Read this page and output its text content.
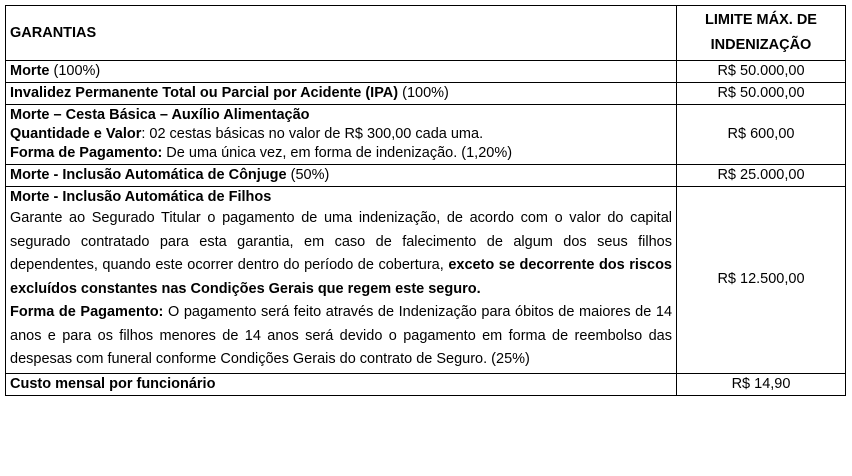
GARANTIAS	LIMITE MÁX. DE
INDENIZAÇÃO

Morte (100%)	R$ 50.000,00
Invalidez Permanente Total ou Parcial por Acidente (IPA) (100%)	R$ 50.000,00

Morte – Cesta Básica – Auxílio Alimentação
Quantidade e Valor: 02 cestas básicas no valor de R$ 300,00 cada uma.
Forma de Pagamento: De uma única vez, em forma de indenização. (1,20%)	R$ 600,00
Morte - Inclusão Automática de Cônjuge (50%)	R$ 25.000,00

Morte - Inclusão Automática de Filhos
Garante ao Segurado Titular o pagamento de uma indenização, de acordo com o valor do capital segurado contratado para esta garantia, em caso de falecimento de algum dos seus filhos dependentes, quando este ocorrer dentro do período de cobertura, exceto se decorrente dos riscos excluídos constantes nas Condições Gerais que regem este seguro.
Forma de Pagamento: O pagamento será feito através de Indenização para óbitos de maiores de 14 anos e para os filhos menores de 14 anos será devido o pagamento em forma de reembolso das despesas com funeral conforme Condições Gerais do contrato de Seguro. (25%)	R$ 12.500,00
Custo mensal por funcionário	R$ 14,90
